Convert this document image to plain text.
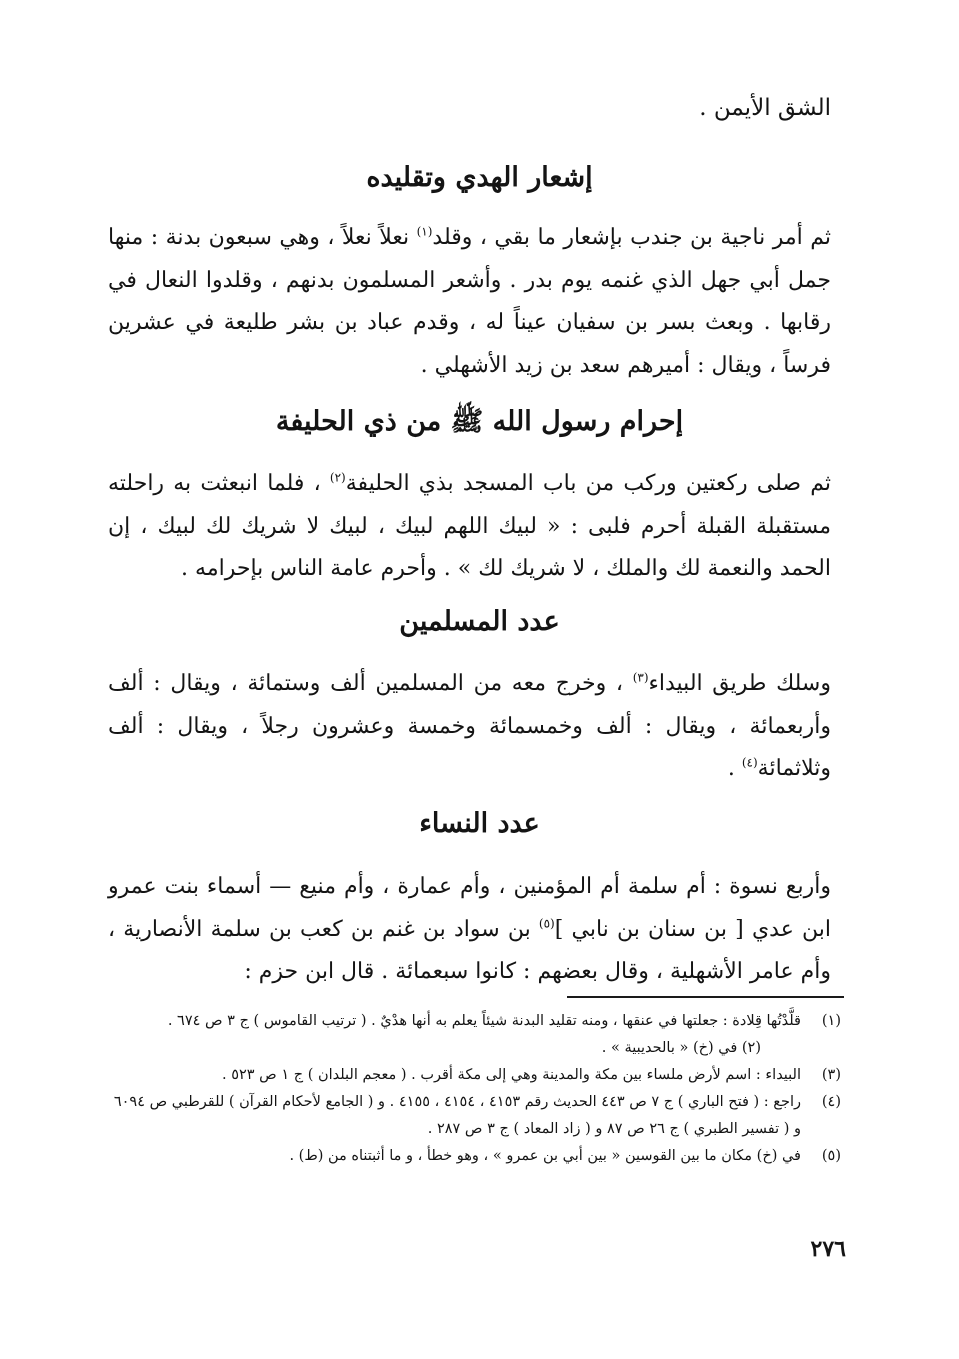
الشق الأيمن .
إشعار الهدي وتقليده
ثم أمر ناجية بن جندب بإشعار ما بقي ، وقلد$^{(١)}$ نعلاً نعلاً ، وهي سبعون بدنة : منها جمل أبي جهل الذي غنمه يوم بدر . وأشعر المسلمون بدنهم ، وقلدوا النعال في رقابها . وبعث بسر بن سفيان عيناً له ، وقدم عباد بن بشر طليعة في عشرين فرساً ، ويقال : أميرهم سعد بن زيد الأشهلي .
إحرام رسول الله ﷺ من ذي الحليفة
ثم صلى ركعتين وركب من باب المسجد بذي الحليفة$^{(٢)}$ ، فلما انبعثت به راحلته مستقبلة القبلة أحرم فلبى : « لبيك اللهم لبيك ، لبيك لا شريك لك لبيك ، إن الحمد والنعمة لك والملك ، لا شريك لك » . وأحرم عامة الناس بإحرامه .
عدد المسلمين
وسلك طريق البيداء$^{(٣)}$ ، وخرج معه من المسلمين ألف وستمائة ، ويقال : ألف وأربعمائة ، ويقال : ألف وخمسمائة وخمسة وعشرون رجلاً ، ويقال : ألف وثلاثمائة$^{(٤)}$ .
عدد النساء
وأربع نسوة : أم سلمة أم المؤمنين ، وأم عمارة ، وأم منيع — أسماء بنت عمرو ابن عدي [ بن سنان بن نابي ]$^{(٥)}$ بن سواد بن غنم بن كعب بن سلمة الأنصارية ، وأم عامر الأشهلية ، وقال بعضهم : كانوا سبعمائة . قال ابن حزم :
(١)
قلَّدْتُها قِلادة : جعلتها في عنقها ، ومنه تقليد البدنة شيئاً يعلم به أنها هدْيٌ . ( ترتيب القاموس ) ج ٣ ص ٦٧٤ .
(٢) في (خ) « بالحديبية » .
(٣)
البيداء : اسم لأرض ملساء بين مكة والمدينة وهي إلى مكة أقرب . ( معجم البلدان ) ج ١ ص ٥٢٣ .
(٤)
راجع : ( فتح الباري ) ج ٧ ص ٤٤٣ الحديث رقم ٤١٥٣ ، ٤١٥٤ ، ٤١٥٥ . و ( الجامع لأحكام القرآن ) للقرطبي ص ٦٠٩٤ و ( تفسير الطبري ) ج ٢٦ ص ٨٧ و ( زاد المعاد ) ج ٣ ص ٢٨٧ .
(٥)
في (خ) مكان ما بين القوسين « بين أبي بن عمرو » ، وهو خطأ ، و ما أثبتناه من (ط) .
٢٧٦
